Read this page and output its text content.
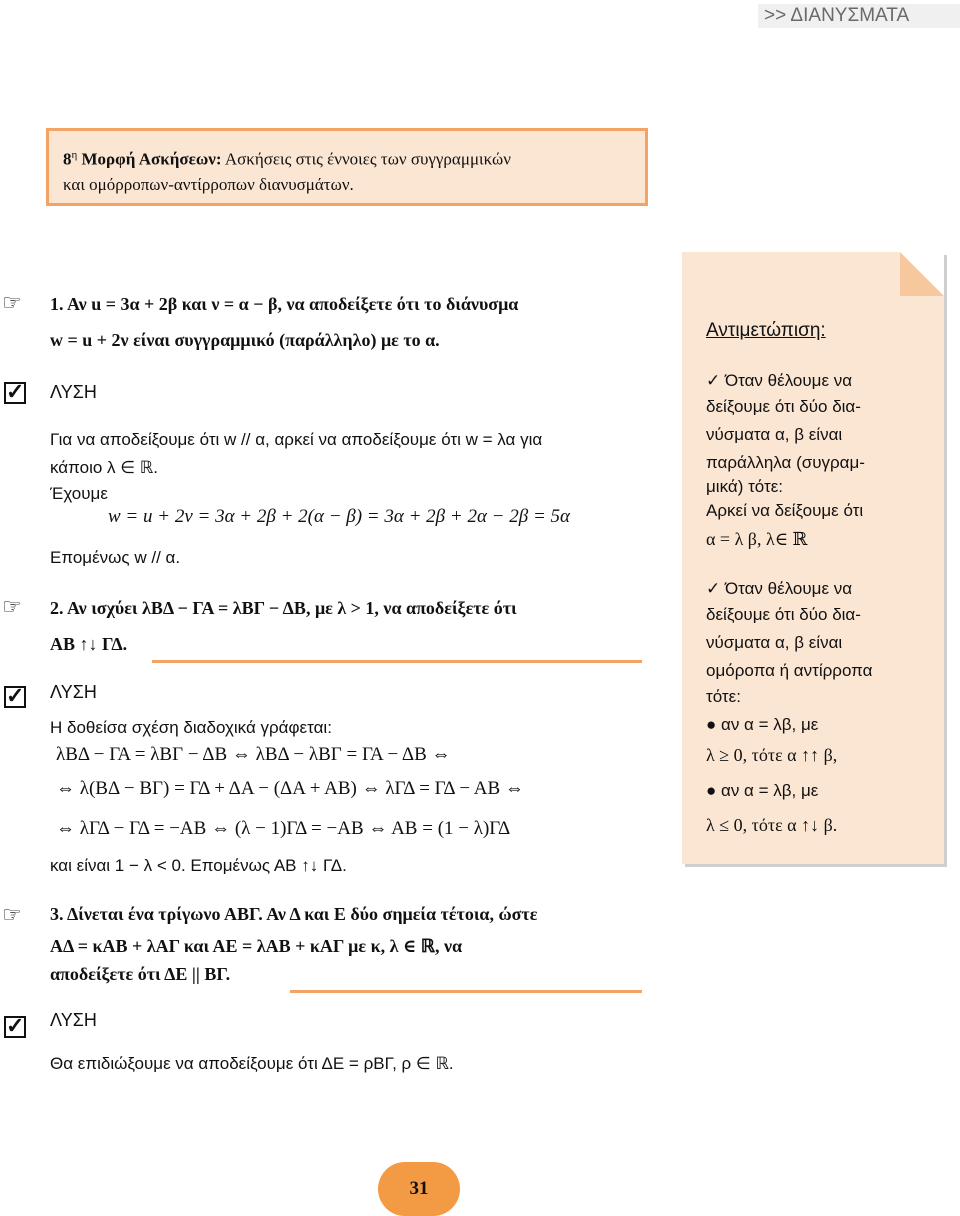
>> ΔΙΑΝΥΣΜΑΤΑ
$8^\eta$ Μορφή Ασκήσεων: Ασκήσεις στις έννοιες των συγγραμμικών
και ομόρροπων-αντίρροπων διανυσμάτων.
☞ 1. Αν u = 3α + 2β και ν = α − β, να αποδείξετε ότι το διάνυσμα
w = u + 2ν είναι συγγραμμικό (παράλληλο) με το α.
✓ ΛΥΣΗ
Για να αποδείξουμε ότι w // α, αρκεί να αποδείξουμε ότι w = λα για
κάποιο λ ∈ ℝ.
Έχουμε
w = u + 2ν = 3α + 2β + 2(α − β) = 3α + 2β + 2α − 2β = 5α
Επομένως w // α.
☞ 2. Αν ισχύει λΒΔ − ΓΑ = λΒΓ − ΔΒ, με λ > 1, να αποδείξετε ότι
ΑΒ ↑↓ ΓΔ.
✓ ΛΥΣΗ
Η δοθείσα σχέση διαδοχικά γράφεται:
λΒΔ − ΓΑ = λΒΓ − ΔΒ ⇔ λΒΔ − λΒΓ = ΓΑ − ΔΒ ⇔
⇔ λ(ΒΔ − ΒΓ) = ΓΔ + ΔΑ − (ΔΑ + ΑΒ) ⇔ λΓΔ = ΓΔ − ΑΒ ⇔
⇔ λΓΔ − ΓΔ = −ΑΒ ⇔ (λ − 1)ΓΔ = −ΑΒ ⇔ ΑΒ = (1 − λ)ΓΔ
και είναι 1 − λ < 0. Επομένως ΑΒ ↑↓ ΓΔ.
☞ 3. Δίνεται ένα τρίγωνο ΑΒΓ. Αν Δ και Ε δύο σημεία τέτοια, ώστε
ΑΔ = κΑΒ + λΑΓ και ΑΕ = λΑΒ + κΑΓ με κ, λ ∈ ℝ, να
αποδείξετε ότι ΔΕ || ΒΓ.
✓ ΛΥΣΗ
Θα επιδιώξουμε να αποδείξουμε ότι ΔΕ = ρΒΓ, ρ ∈ ℝ.
Αντιμετώπιση:
✓ Όταν θέλουμε να
δείξουμε ότι δύο δια-
νύσματα α, β είναι
παράλληλα (συγραμ-
μικά) τότε:
Αρκεί να δείξουμε ότι
α = λ β, λ∈ ℝ
✓ Όταν θέλουμε να
δείξουμε ότι δύο δια-
νύσματα α, β είναι
ομόροπα ή αντίρροπα
τότε:
● αν α = λβ, με
λ ≥ 0, τότε α ↑↑ β,
● αν α = λβ, με
λ ≤ 0, τότε α ↑↓ β.
31
